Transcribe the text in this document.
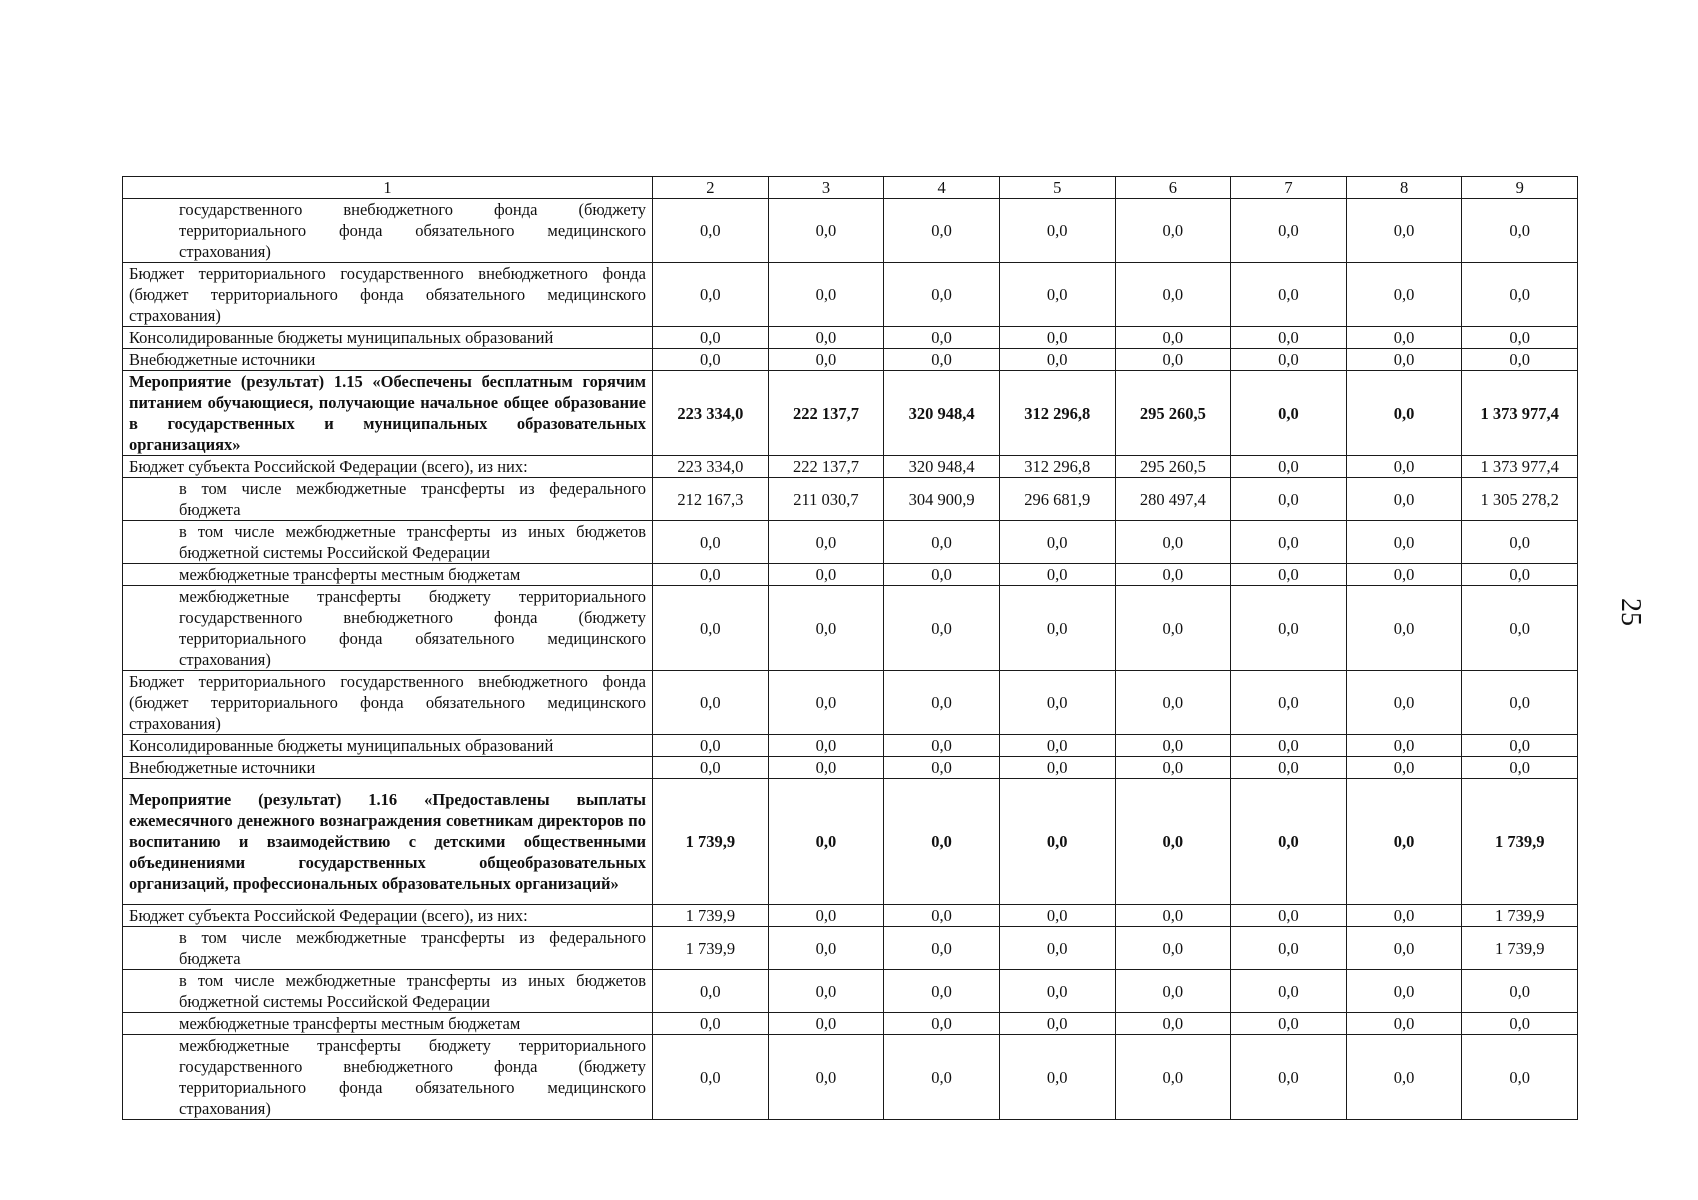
25
1	2	3	4	5	6	7	8	9
государственного внебюджетного фонда (бюджету территориального фонда обязательного медицинского страхования)	0,0	0,0	0,0	0,0	0,0	0,0	0,0	0,0
Бюджет территориального государственного внебюджетного фонда (бюджет территориального фонда обязательного медицинского страхования)	0,0	0,0	0,0	0,0	0,0	0,0	0,0	0,0
Консолидированные бюджеты муниципальных образований	0,0	0,0	0,0	0,0	0,0	0,0	0,0	0,0
Внебюджетные источники	0,0	0,0	0,0	0,0	0,0	0,0	0,0	0,0
Мероприятие (результат) 1.15 «Обеспечены бесплатным горячим питанием обучающиеся, получающие начальное общее образование в государственных и муниципальных образовательных организациях»	223 334,0	222 137,7	320 948,4	312 296,8	295 260,5	0,0	0,0	1 373 977,4
Бюджет субъекта Российской Федерации (всего), из них:	223 334,0	222 137,7	320 948,4	312 296,8	295 260,5	0,0	0,0	1 373 977,4
в том числе межбюджетные трансферты из федерального бюджета	212 167,3	211 030,7	304 900,9	296 681,9	280 497,4	0,0	0,0	1 305 278,2
в том числе межбюджетные трансферты из иных бюджетов бюджетной системы Российской Федерации	0,0	0,0	0,0	0,0	0,0	0,0	0,0	0,0
межбюджетные трансферты местным бюджетам	0,0	0,0	0,0	0,0	0,0	0,0	0,0	0,0
межбюджетные трансферты бюджету территориального государственного внебюджетного фонда (бюджету территориального фонда обязательного медицинского страхования)	0,0	0,0	0,0	0,0	0,0	0,0	0,0	0,0
Бюджет территориального государственного внебюджетного фонда (бюджет территориального фонда обязательного медицинского страхования)	0,0	0,0	0,0	0,0	0,0	0,0	0,0	0,0
Консолидированные бюджеты муниципальных образований	0,0	0,0	0,0	0,0	0,0	0,0	0,0	0,0
Внебюджетные источники	0,0	0,0	0,0	0,0	0,0	0,0	0,0	0,0
Мероприятие (результат) 1.16 «Предоставлены выплаты ежемесячного денежного вознаграждения советникам директоров по воспитанию и взаимодействию с детскими общественными объединениями государственных общеобразовательных организаций, профессиональных образовательных организаций»	1 739,9	0,0	0,0	0,0	0,0	0,0	0,0	1 739,9
Бюджет субъекта Российской Федерации (всего), из них:	1 739,9	0,0	0,0	0,0	0,0	0,0	0,0	1 739,9
в том числе межбюджетные трансферты из федерального бюджета	1 739,9	0,0	0,0	0,0	0,0	0,0	0,0	1 739,9
в том числе межбюджетные трансферты из иных бюджетов бюджетной системы Российской Федерации	0,0	0,0	0,0	0,0	0,0	0,0	0,0	0,0
межбюджетные трансферты местным бюджетам	0,0	0,0	0,0	0,0	0,0	0,0	0,0	0,0
межбюджетные трансферты бюджету территориального государственного внебюджетного фонда (бюджету территориального фонда обязательного медицинского страхования)	0,0	0,0	0,0	0,0	0,0	0,0	0,0	0,0
